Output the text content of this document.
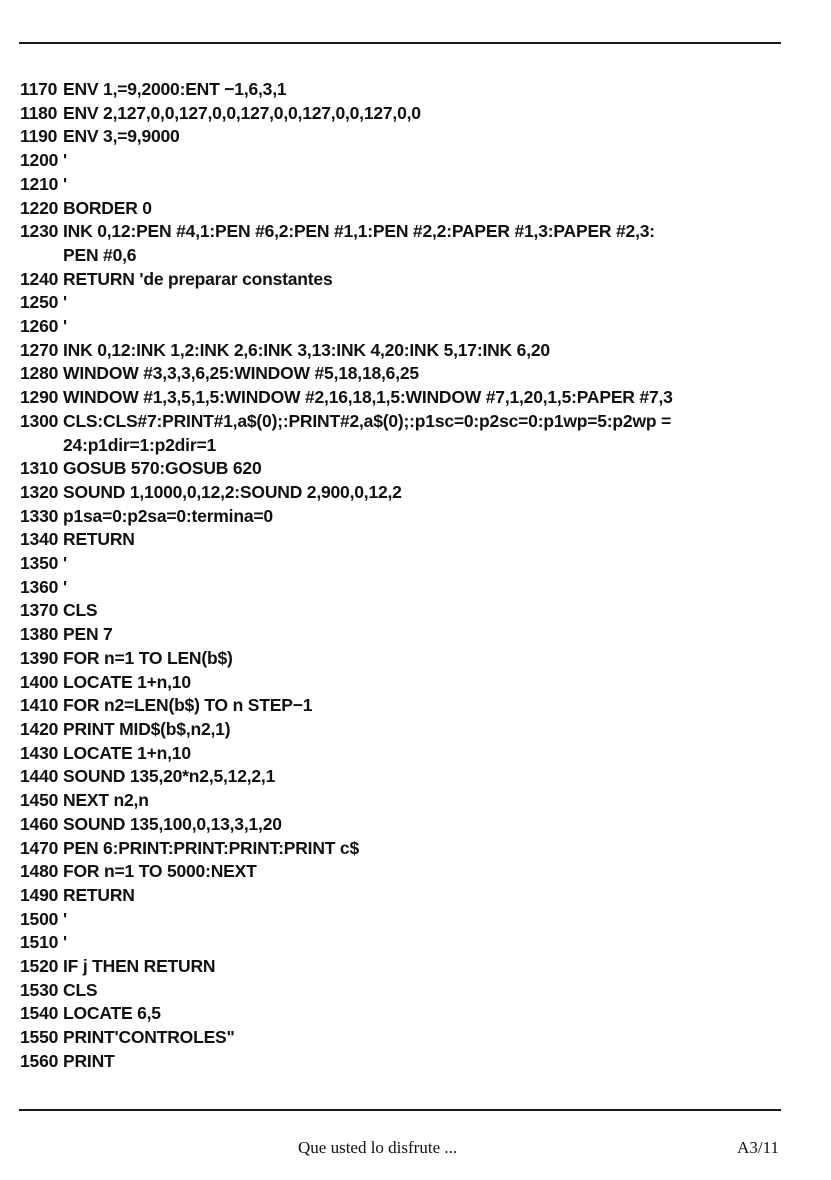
1170 ENV 1,=9,2000:ENT −1,6,3,1
1180 ENV 2,127,0,0,127,0,0,127,0,0,127,0,0,127,0,0
1190 ENV 3,=9,9000
1200 '
1210 '
1220 BORDER 0
1230 INK 0,12:PEN #4,1:PEN #6,2:PEN #1,1:PEN #2,2:PAPER #1,3:PAPER #2,3:
PEN #0,6
1240 RETURN 'de preparar constantes
1250 '
1260 '
1270 INK 0,12:INK 1,2:INK 2,6:INK 3,13:INK 4,20:INK 5,17:INK 6,20
1280 WINDOW #3,3,3,6,25:WINDOW #5,18,18,6,25
1290 WINDOW #1,3,5,1,5:WINDOW #2,16,18,1,5:WINDOW #7,1,20,1,5:PAPER #7,3
1300 CLS:CLS#7:PRINT#1,a$(0);:PRINT#2,a$(0);:p1sc=0:p2sc=0:p1wp=5:p2wp =
24:p1dir=1:p2dir=1
1310 GOSUB 570:GOSUB 620
1320 SOUND 1,1000,0,12,2:SOUND 2,900,0,12,2
1330 p1sa=0:p2sa=0:termina=0
1340 RETURN
1350 '
1360 '
1370 CLS
1380 PEN 7
1390 FOR n=1 TO LEN(b$)
1400 LOCATE 1+n,10
1410 FOR n2=LEN(b$) TO n STEP−1
1420 PRINT MID$(b$,n2,1)
1430 LOCATE 1+n,10
1440 SOUND 135,20*n2,5,12,2,1
1450 NEXT n2,n
1460 SOUND 135,100,0,13,3,1,20
1470 PEN 6:PRINT:PRINT:PRINT:PRINT c$
1480 FOR n=1 TO 5000:NEXT
1490 RETURN
1500 '
1510 '
1520 IF j THEN RETURN
1530 CLS
1540 LOCATE 6,5
1550 PRINT'CONTROLES"
1560 PRINT
Que usted lo disfrute ...	A3/11
